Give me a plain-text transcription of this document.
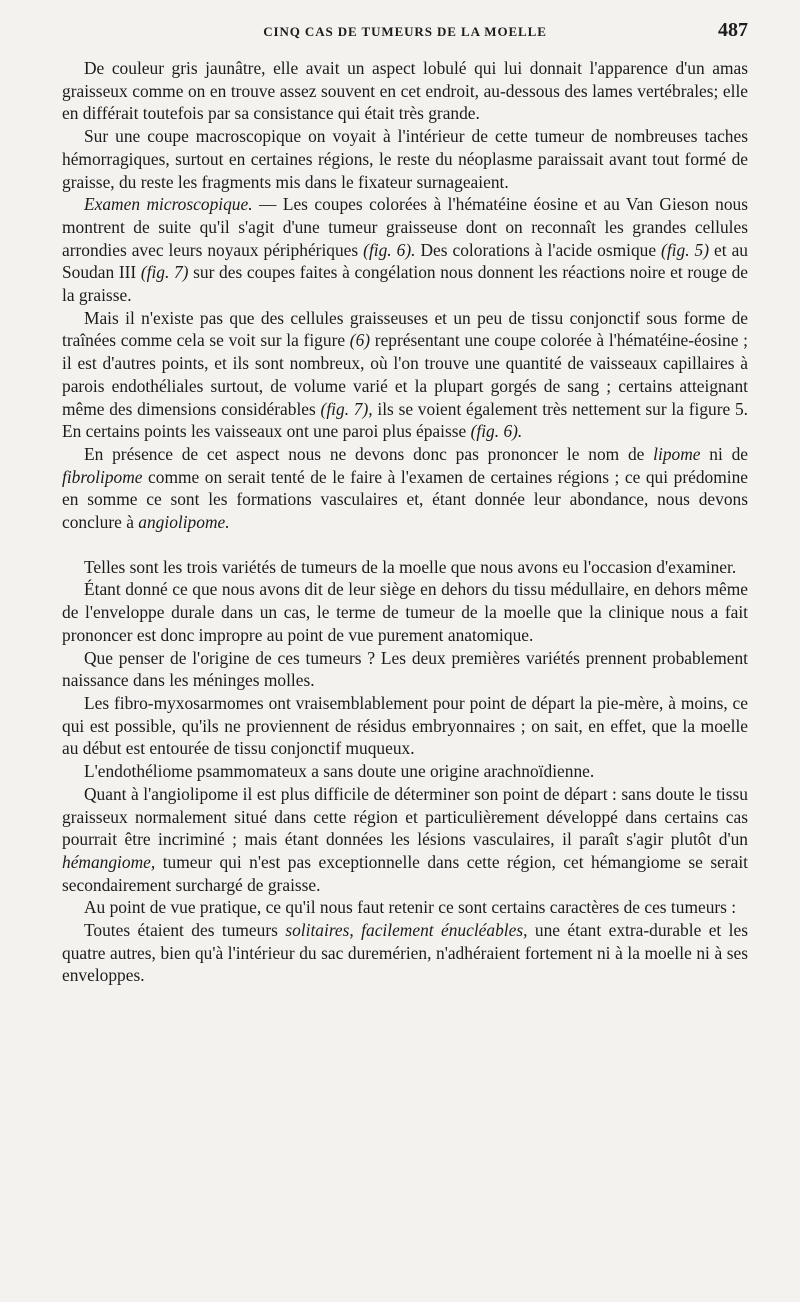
CINQ CAS DE TUMEURS DE LA MOELLE	487

De couleur gris jaunâtre, elle avait un aspect lobulé qui lui donnait l'apparence d'un amas graisseux comme on en trouve assez souvent en cet endroit, au-dessous des lames vertébrales; elle en différait toutefois par sa consistance qui était très grande.

Sur une coupe macroscopique on voyait à l'intérieur de cette tumeur de nombreuses taches hémorragiques, surtout en certaines régions, le reste du néoplasme paraissait avant tout formé de graisse, du reste les fragments mis dans le fixateur surnageaient.

Examen microscopique. — Les coupes colorées à l'hématéine éosine et au Van Gieson nous montrent de suite qu'il s'agit d'une tumeur graisseuse dont on reconnaît les grandes cellules arrondies avec leurs noyaux périphériques (fig. 6). Des colorations à l'acide osmique (fig. 5) et au Soudan III (fig. 7) sur des coupes faites à congélation nous donnent les réactions noire et rouge de la graisse.

Mais il n'existe pas que des cellules graisseuses et un peu de tissu conjonctif sous forme de traînées comme cela se voit sur la figure (6) représentant une coupe colorée à l'hématéine-éosine ; il est d'autres points, et ils sont nombreux, où l'on trouve une quantité de vaisseaux capillaires à parois endothéliales surtout, de volume varié et la plupart gorgés de sang ; certains atteignant même des dimensions considérables (fig. 7), ils se voient également très nettement sur la figure 5. En certains points les vaisseaux ont une paroi plus épaisse (fig. 6).

En présence de cet aspect nous ne devons donc pas prononcer le nom de lipome ni de fibrolipome comme on serait tenté de le faire à l'examen de certaines régions ; ce qui prédomine en somme ce sont les formations vasculaires et, étant donnée leur abondance, nous devons conclure à angiolipome.

Telles sont les trois variétés de tumeurs de la moelle que nous avons eu l'occasion d'examiner.

Étant donné ce que nous avons dit de leur siège en dehors du tissu médullaire, en dehors même de l'enveloppe durale dans un cas, le terme de tumeur de la moelle que la clinique nous a fait prononcer est donc impropre au point de vue purement anatomique.

Que penser de l'origine de ces tumeurs ? Les deux premières variétés prennent probablement naissance dans les méninges molles.

Les fibro-myxosarmomes ont vraisemblablement pour point de départ la pie-mère, à moins, ce qui est possible, qu'ils ne proviennent de résidus embryonnaires ; on sait, en effet, que la moelle au début est entourée de tissu conjonctif muqueux.

L'endothéliome psammomateux a sans doute une origine arachnoïdienne.

Quant à l'angiolipome il est plus difficile de déterminer son point de départ : sans doute le tissu graisseux normalement situé dans cette région et particulièrement développé dans certains cas pourrait être incriminé ; mais étant données les lésions vasculaires, il paraît s'agir plutôt d'un hémangiome, tumeur qui n'est pas exceptionnelle dans cette région, cet hémangiome se serait secondairement surchargé de graisse.

Au point de vue pratique, ce qu'il nous faut retenir ce sont certains caractères de ces tumeurs :

Toutes étaient des tumeurs solitaires, facilement énucléables, une étant extra-durable et les quatre autres, bien qu'à l'intérieur du sac duremérien, n'adhéraient fortement ni à la moelle ni à ses enveloppes.
